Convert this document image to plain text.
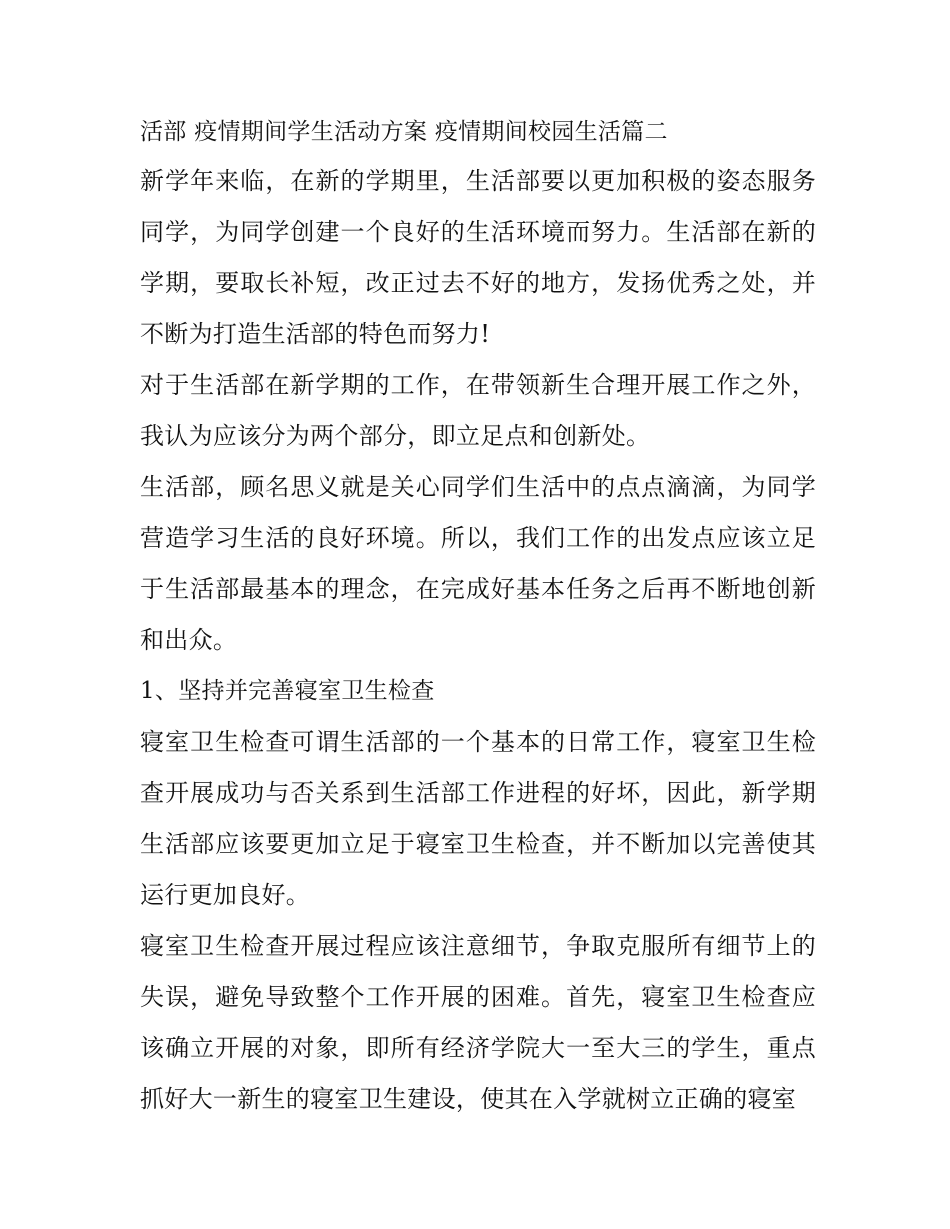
活部 疫情期间学生活动方案 疫情期间校园生活篇二

新学年来临，在新的学期里，生活部要以更加积极的姿态服务同学，为同学创建一个良好的生活环境而努力。生活部在新的学期，要取长补短，改正过去不好的地方，发扬优秀之处，并不断为打造生活部的特色而努力!

对于生活部在新学期的工作，在带领新生合理开展工作之外，我认为应该分为两个部分，即立足点和创新处。

生活部，顾名思义就是关心同学们生活中的点点滴滴，为同学营造学习生活的良好环境。所以，我们工作的出发点应该立足于生活部最基本的理念，在完成好基本任务之后再不断地创新和出众。

1、坚持并完善寝室卫生检查

寝室卫生检查可谓生活部的一个基本的日常工作，寝室卫生检查开展成功与否关系到生活部工作进程的好坏，因此，新学期生活部应该要更加立足于寝室卫生检查，并不断加以完善使其运行更加良好。

寝室卫生检查开展过程应该注意细节，争取克服所有细节上的失误，避免导致整个工作开展的困难。首先，寝室卫生检查应该确立开展的对象，即所有经济学院大一至大三的学生，重点抓好大一新生的寝室卫生建设，使其在入学就树立正确的寝室
